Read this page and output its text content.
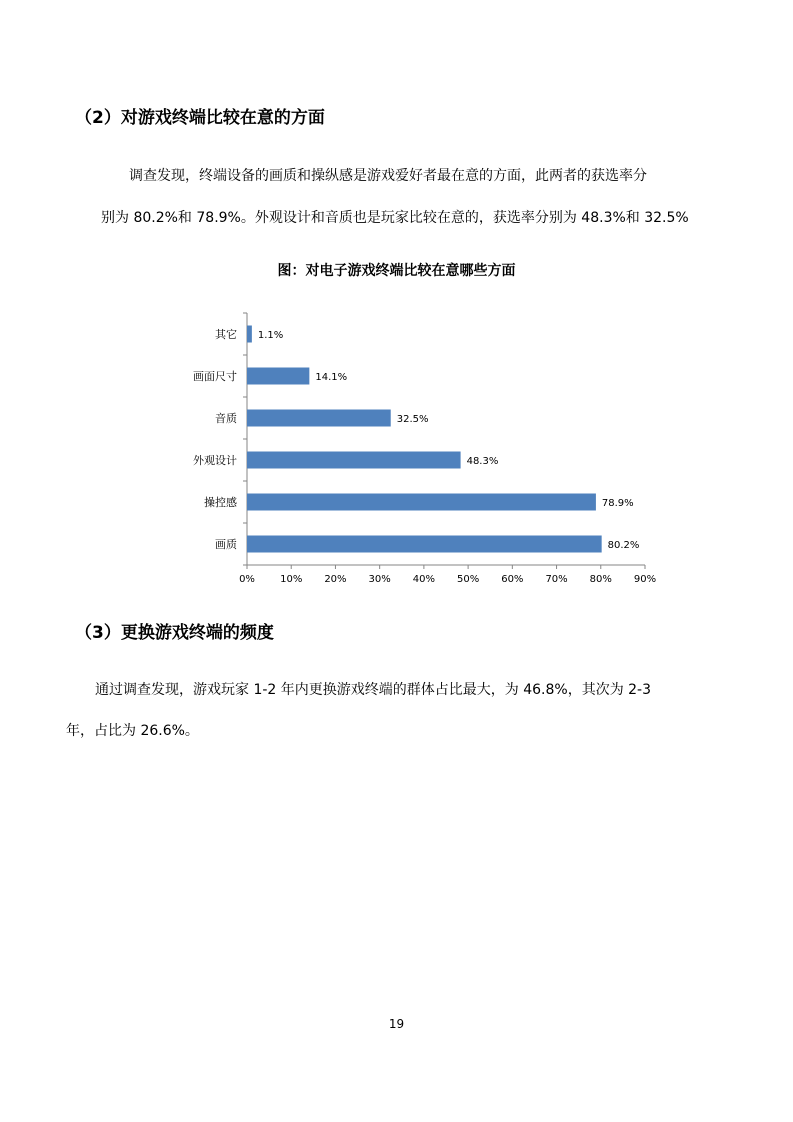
（2）对游戏终端比较在意的方面
调查发现，终端设备的画质和操纵感是游戏爱好者最在意的方面，此两者的获选率分
别为 80.2%和 78.9%。外观设计和音质也是玩家比较在意的，获选率分别为 48.3%和 32.5%
图：对电子游戏终端比较在意哪些方面
0%	10% 20% 30% 40% 50% 60% 70% 80% 90%
其它 1.1%
画面尺寸	14.1%
音质	32.5%
外观设计	48.3%
操控感	78.9%
画质	80.2%
（3）更换游戏终端的频度
通过调查发现，游戏玩家 1-2 年内更换游戏终端的群体占比最大，为 46.8%，其次为 2-3
年，占比为 26.6%。
19
